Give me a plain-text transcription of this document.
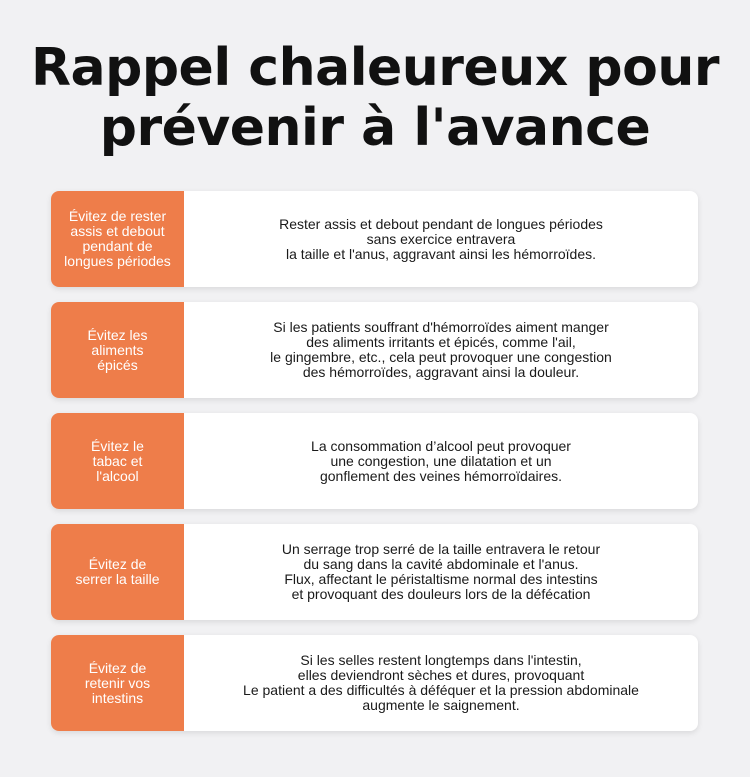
Rappel chaleureux pour
prévenir à l'avance
Évitez de rester
assis et debout
pendant de
longues périodes
Rester assis et debout pendant de longues périodes
sans exercice entravera
la taille et l'anus, aggravant ainsi les hémorroïdes.
Évitez les
aliments
épicés
Si les patients souffrant d'hémorroïdes aiment manger
des aliments irritants et épicés, comme l'ail,
le gingembre, etc., cela peut provoquer une congestion
des hémorroïdes, aggravant ainsi la douleur.
Évitez le
tabac et
l'alcool
La consommation d’alcool peut provoquer
une congestion, une dilatation et un
gonflement des veines hémorroïdaires.
Évitez de
serrer la taille
Un serrage trop serré de la taille entravera le retour
du sang dans la cavité abdominale et l'anus.
Flux, affectant le péristaltisme normal des intestins
et provoquant des douleurs lors de la défécation
Évitez de
retenir vos
intestins
Si les selles restent longtemps dans l'intestin,
elles deviendront sèches et dures, provoquant
Le patient a des difficultés à déféquer et la pression abdominale
augmente le saignement.
